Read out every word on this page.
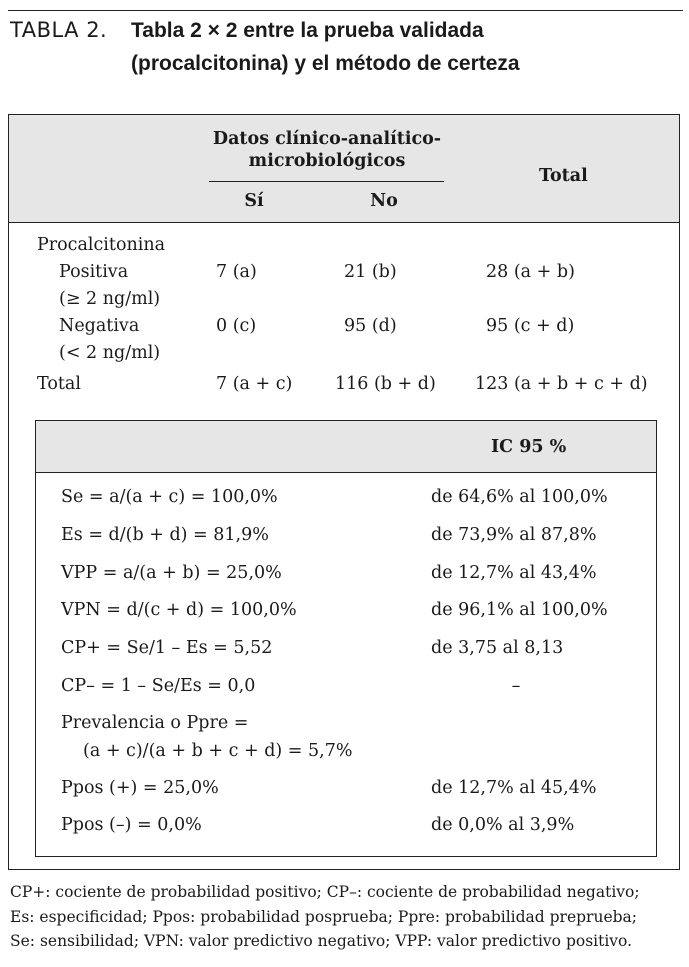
TABLA 2. Tabla 2 × 2 entre la prueba validada
(procalcitonina) y el método de certeza
Datos clínico-analítico-
microbiológicos
Sí	No
Total
Procalcitonina
Positiva
(≥ 2 ng/ml)
7 (a)	21 (b)	28 (a + b)
Negativa
(< 2 ng/ml)
0 (c)	95 (d)	95 (c + d)
Total	7 (a + c) 116 (b + d) 123 (a + b + c + d)
IC 95 %
Se = a/(a + c) = 100,0%	de 64,6% al 100,0%
Es = d/(b + d) = 81,9%	de 73,9% al 87,8%
VPP = a/(a + b) = 25,0%	de 12,7% al 43,4%
VPN = d/(c + d) = 100,0%	de 96,1% al 100,0%
CP+ = Se/1 – Es = 5,52	de 3,75 al 8,13
CP– = 1 – Se/Es = 0,0	–
Prevalencia o Ppre =
(a + c)/(a + b + c + d) = 5,7%
Ppos (+) = 25,0%	de 12,7% al 45,4%
Ppos (–) = 0,0%	de 0,0% al 3,9%
CP+: cociente de probabilidad positivo; CP–: cociente de probabilidad negativo;
Es: especificidad; Ppos: probabilidad posprueba; Ppre: probabilidad preprueba;
Se: sensibilidad; VPN: valor predictivo negativo; VPP: valor predictivo positivo.
